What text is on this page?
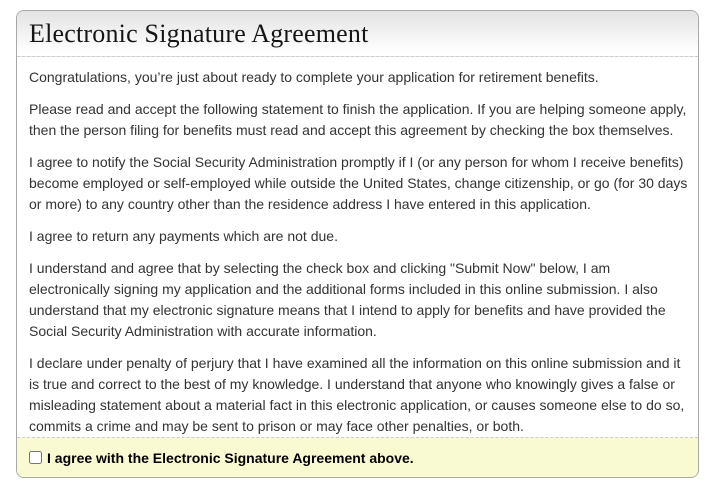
Electronic Signature Agreement

Congratulations, you’re just about ready to complete your application for retirement benefits.

Please read and accept the following statement to finish the application. If you are helping someone apply, then the person filing for benefits must read and accept this agreement by checking the box themselves.

I agree to notify the Social Security Administration promptly if I (or any person for whom I receive benefits) become employed or self-employed while outside the United States, change citizenship, or go (for 30 days or more) to any country other than the residence address I have entered in this application.

I agree to return any payments which are not due.

I understand and agree that by selecting the check box and clicking "Submit Now" below, I am electronically signing my application and the additional forms included in this online submission. I also understand that my electronic signature means that I intend to apply for benefits and have provided the Social Security Administration with accurate information.

I declare under penalty of perjury that I have examined all the information on this online submission and it is true and correct to the best of my knowledge. I understand that anyone who knowingly gives a false or misleading statement about a material fact in this electronic application, or causes someone else to do so, commits a crime and may be sent to prison or may face other penalties, or both.

I agree with the Electronic Signature Agreement above.
